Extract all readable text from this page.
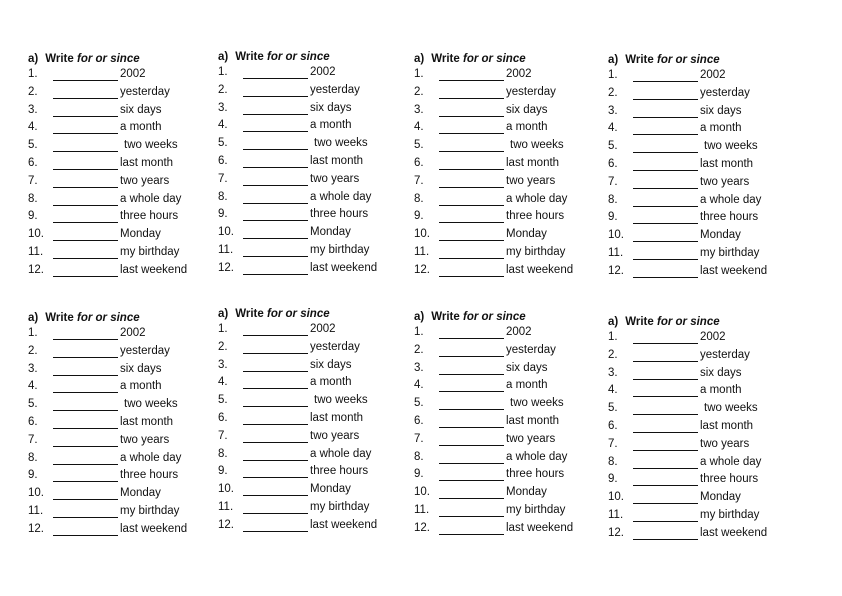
a) Write for or since
1.	2002
2.	yesterday
3.	six days
4.	a month
5.	two weeks
6.	last month
7.	two years
8.	a whole day
9.	three hours
10.	Monday
11.	my birthday
12.	last weekend
a) Write for or since
1.	2002
2.	yesterday
3.	six days
4.	a month
5.	two weeks
6.	last month
7.	two years
8.	a whole day
9.	three hours
10.	Monday
11.	my birthday
12.	last weekend
a) Write for or since
1.	2002
2.	yesterday
3.	six days
4.	a month
5.	two weeks
6.	last month
7.	two years
8.	a whole day
9.	three hours
10.	Monday
11.	my birthday
12.	last weekend
a) Write for or since
1.	2002
2.	yesterday
3.	six days
4.	a month
5.	two weeks
6.	last month
7.	two years
8.	a whole day
9.	three hours
10.	Monday
11.	my birthday
12.	last weekend
a) Write for or since
1.	2002
2.	yesterday
3.	six days
4.	a month
5.	two weeks
6.	last month
7.	two years
8.	a whole day
9.	three hours
10.	Monday
11.	my birthday
12.	last weekend
a) Write for or since
1.	2002
2.	yesterday
3.	six days
4.	a month
5.	two weeks
6.	last month
7.	two years
8.	a whole day
9.	three hours
10.	Monday
11.	my birthday
12.	last weekend
a) Write for or since
1.	2002
2.	yesterday
3.	six days
4.	a month
5.	two weeks
6.	last month
7.	two years
8.	a whole day
9.	three hours
10.	Monday
11.	my birthday
12.	last weekend
a) Write for or since
1.	2002
2.	yesterday
3.	six days
4.	a month
5.	two weeks
6.	last month
7.	two years
8.	a whole day
9.	three hours
10.	Monday
11.	my birthday
12.	last weekend
